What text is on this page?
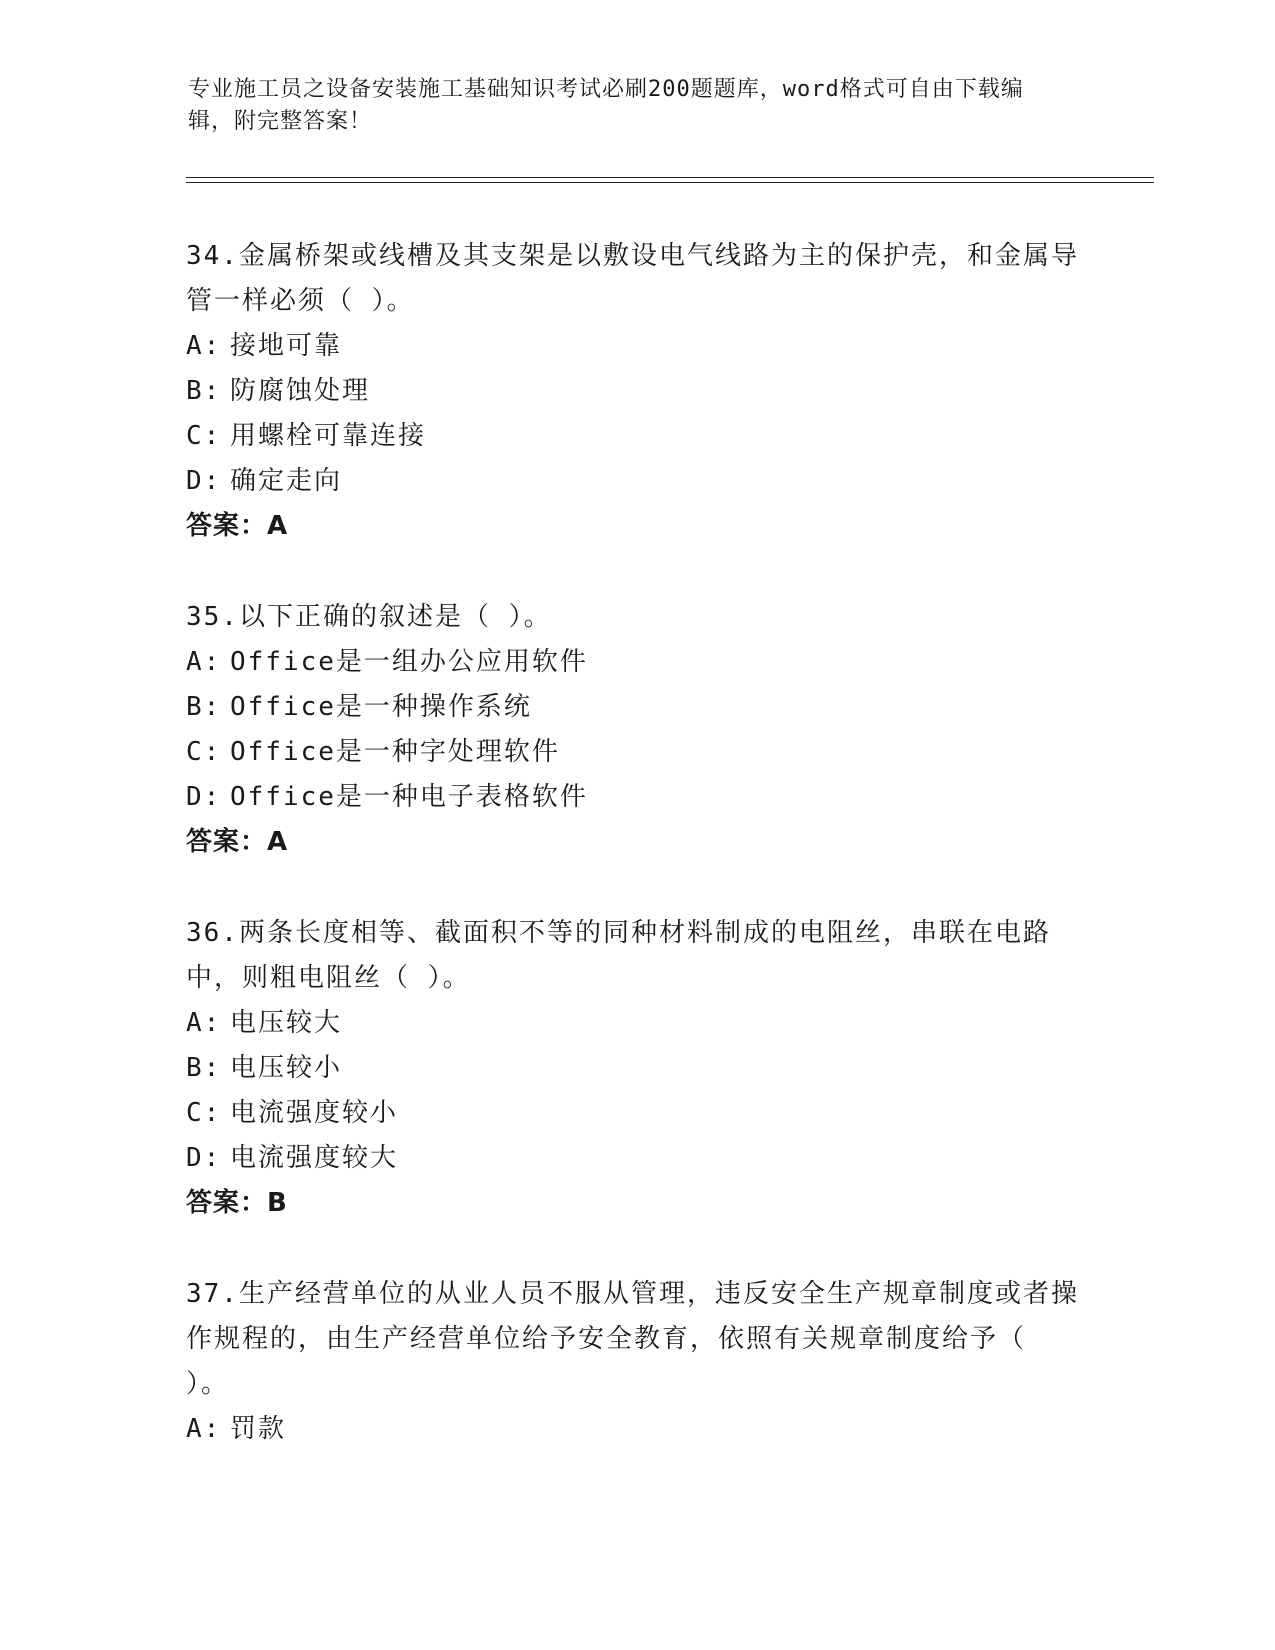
专业施工员之设备安装施工基础知识考试必刷200题题库，word格式可自由下载编辑，附完整答案！
34.金属桥架或线槽及其支架是以敷设电气线路为主的保护壳，和金属导管一样必须（ ）。
A: 接地可靠
B: 防腐蚀处理
C: 用螺栓可靠连接
D: 确定走向
答案：A
35.以下正确的叙述是（ ）。
A: Office是一组办公应用软件
B: Office是一种操作系统
C: Office是一种字处理软件
D: Office是一种电子表格软件
答案：A
36.两条长度相等、截面积不等的同种材料制成的电阻丝，串联在电路中，则粗电阻丝（ ）。
A: 电压较大
B: 电压较小
C: 电流强度较小
D: 电流强度较大
答案：B
37.生产经营单位的从业人员不服从管理，违反安全生产规章制度或者操作规程的，由生产经营单位给予安全教育，依照有关规章制度给予（ ）。
A: 罚款
